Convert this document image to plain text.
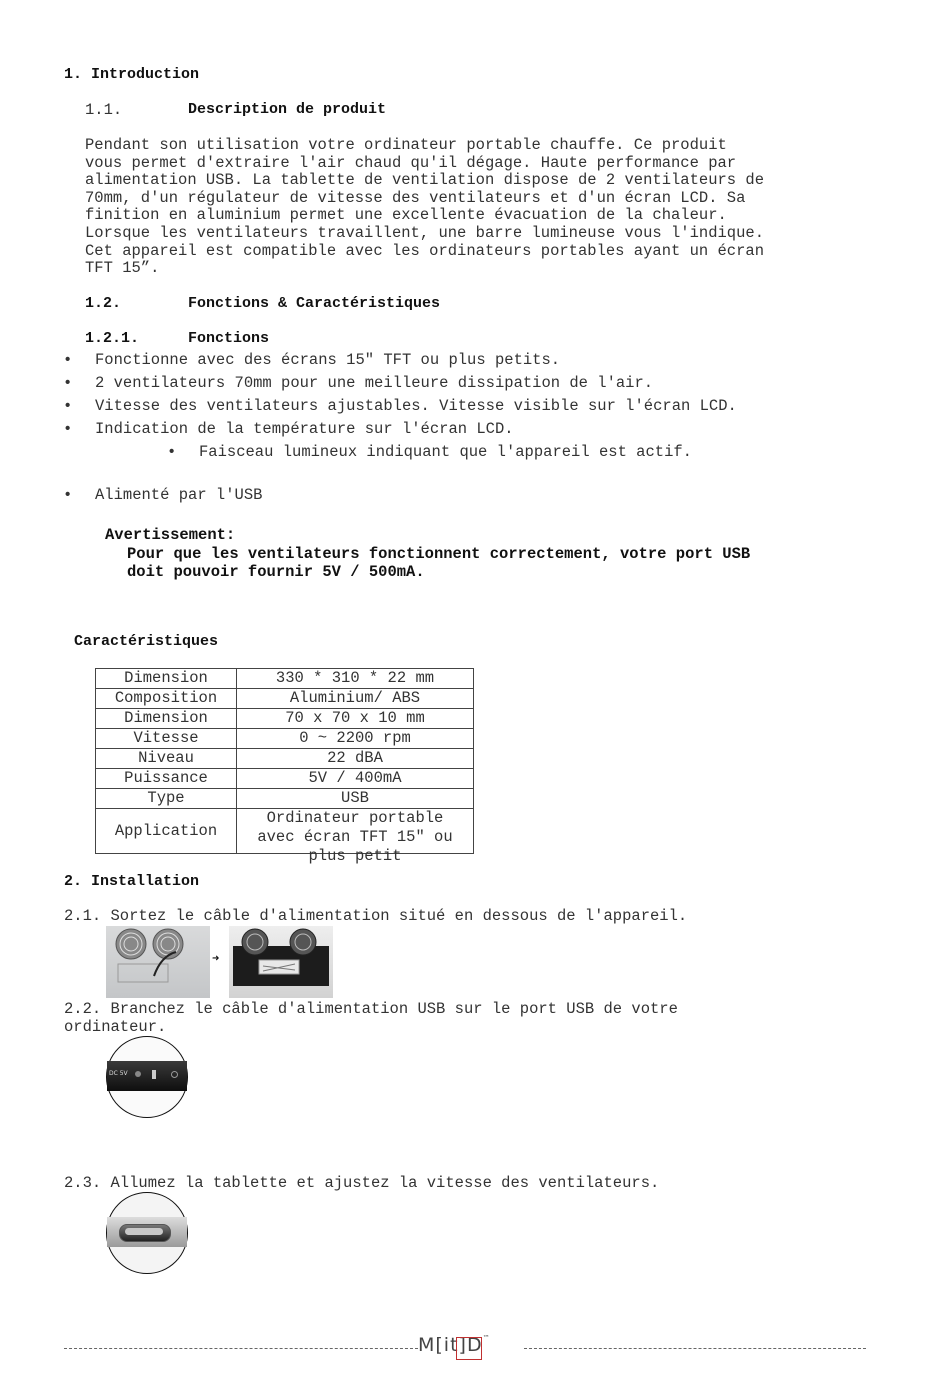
1. Introduction
1.1.	Description de produit
Pendant son utilisation votre ordinateur portable chauffe. Ce produit
vous permet d'extraire l'air chaud qu'il dégage. Haute performance par
alimentation USB. La tablette de ventilation dispose de 2 ventilateurs de
70mm, d'un régulateur de vitesse des ventilateurs et d'un écran LCD. Sa
finition en aluminium permet une excellente évacuation de la chaleur.
Lorsque les ventilateurs travaillent, une barre lumineuse vous l'indique.
Cet appareil est compatible avec les ordinateurs portables ayant un écran
TFT 15”.
1.2.	Fonctions & Caractéristiques
1.2.1.	Fonctions
• Fonctionne avec des écrans 15" TFT ou plus petits.
• 2 ventilateurs 70mm pour une meilleure dissipation de l'air.
• Vitesse des ventilateurs ajustables. Vitesse visible sur l'écran LCD.
• Indication de la température sur l'écran LCD.
• Faisceau lumineux indiquant que l'appareil est actif.
• Alimenté par l'USB
Avertissement:
Pour que les ventilateurs fonctionnent correctement, votre port USB
doit pouvoir fournir 5V / 500mA.
Caractéristiques
Dimension	330 * 310 * 22 mm
Composition	Aluminium/ ABS
Dimension	70 x 70 x 10 mm
Vitesse	0 ~ 2200 rpm
Niveau	22 dBA
Puissance	5V / 400mA
Type	USB
Application	Ordinateur portable
avec écran TFT 15" ou
plus petit
2. Installation
2.1. Sortez le câble d'alimentation situé en dessous de l'appareil.
➜
2.2. Branchez le câble d'alimentation USB sur le port USB de votre
ordinateur.
DC 5V
2.3. Allumez la tablette et ajustez la vitesse des ventilateurs.
M[it]D™
